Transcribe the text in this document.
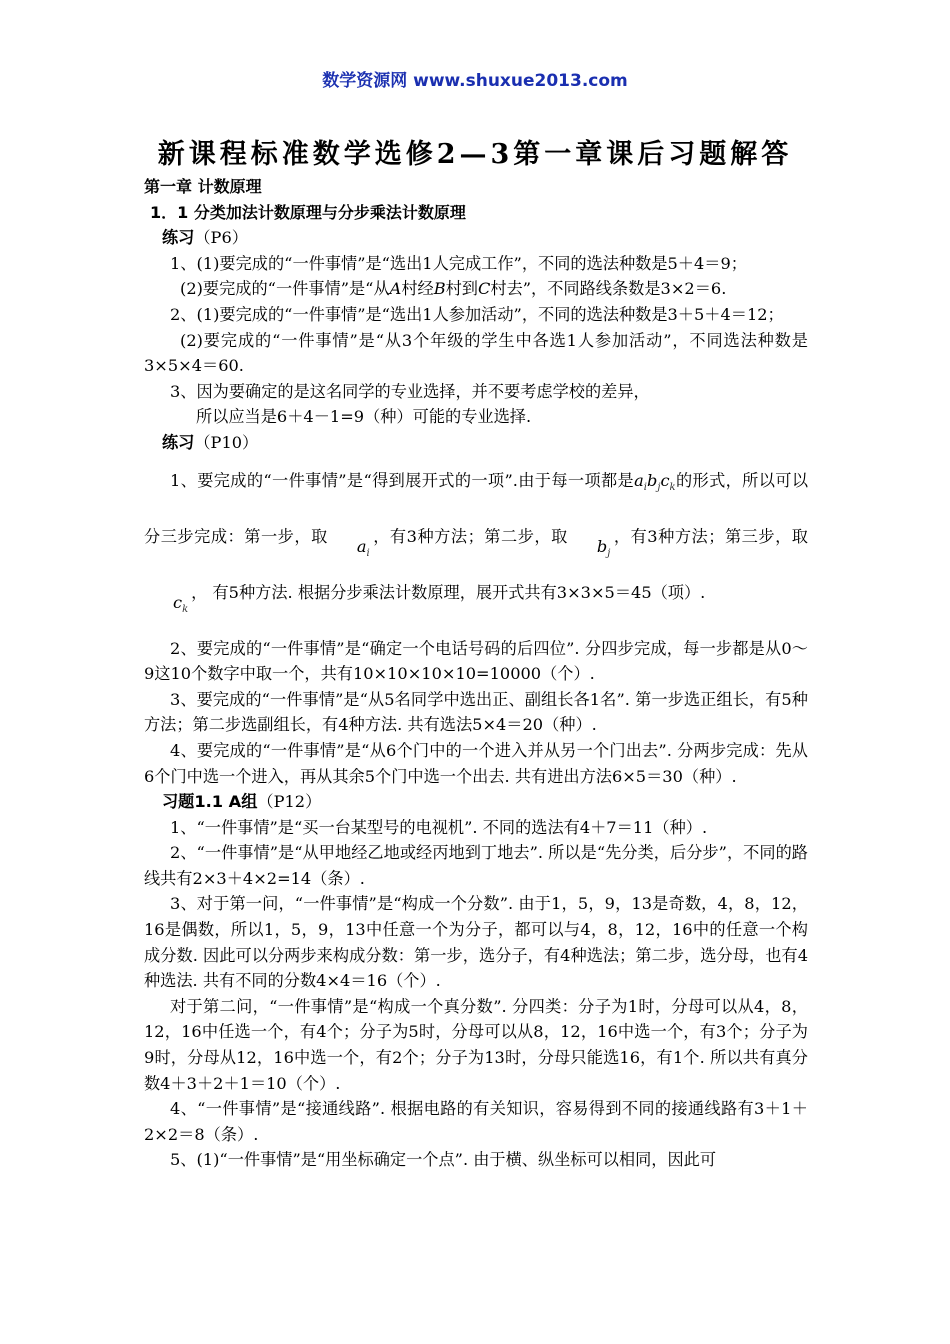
数学资源网 www.shuxue2013.com
新课程标准数学选修2—3第一章课后习题解答

第一章 计数原理

1．1 分类加法计数原理与分步乘法计数原理

练习（P6）

1、(1)要完成的“一件事情”是“选出1人完成工作”，不同的选法种数是5＋4＝9；

(2)要完成的“一件事情”是“从A村经B村到C村去”，不同路线条数是3×2＝6.

2、(1)要完成的“一件事情”是“选出1人参加活动”，不同的选法种数是3＋5＋4＝12；

(2)要完成的“一件事情”是“从3个年级的学生中各选1人参加活动”，不同选法种数是3×5×4＝60.

3、因为要确定的是这名同学的专业选择，并不要考虑学校的差异，

所以应当是6＋4－1=9（种）可能的专业选择.

练习（P10）

1、要完成的“一件事情”是“得到展开式的一项”.由于每一项都是$a_ib_jc_k$的形式，所以可以分三步完成：第一步，取$a_i$，有3种方法；第二步，取$b_j$，有3种方法；第三步，取$c_k$， 有5种方法. 根据分步乘法计数原理，展开式共有3×3×5＝45（项）.

2、要完成的“一件事情”是“确定一个电话号码的后四位”. 分四步完成，每一步都是从0～9这10个数字中取一个，共有10×10×10×10=10000（个）.

3、要完成的“一件事情”是“从5名同学中选出正、副组长各1名”. 第一步选正组长，有5种方法；第二步选副组长，有4种方法. 共有选法5×4＝20（种）.

4、要完成的“一件事情”是“从6个门中的一个进入并从另一个门出去”. 分两步完成：先从6个门中选一个进入，再从其余5个门中选一个出去. 共有进出方法6×5＝30（种）.

习题1.1 A组（P12）

1、“一件事情”是“买一台某型号的电视机”. 不同的选法有4＋7＝11（种）.

2、“一件事情”是“从甲地经乙地或经丙地到丁地去”. 所以是“先分类，后分步”，不同的路线共有2×3＋4×2=14（条）.

3、对于第一问，“一件事情”是“构成一个分数”. 由于1，5，9，13是奇数，4，8，12，16是偶数，所以1，5，9，13中任意一个为分子，都可以与4，8，12，16中的任意一个构成分数. 因此可以分两步来构成分数：第一步，选分子，有4种选法；第二步，选分母，也有4种选法. 共有不同的分数4×4＝16（个）.

对于第二问，“一件事情”是“构成一个真分数”. 分四类：分子为1时，分母可以从4，8，12，16中任选一个，有4个；分子为5时，分母可以从8，12，16中选一个，有3个；分子为9时，分母从12，16中选一个，有2个；分子为13时，分母只能选16，有1个. 所以共有真分数4＋3＋2＋1＝10（个）.

4、“一件事情”是“接通线路”. 根据电路的有关知识，容易得到不同的接通线路有3＋1＋2×2＝8（条）.

5、(1)“一件事情”是“用坐标确定一个点”. 由于横、纵坐标可以相同，因此可
